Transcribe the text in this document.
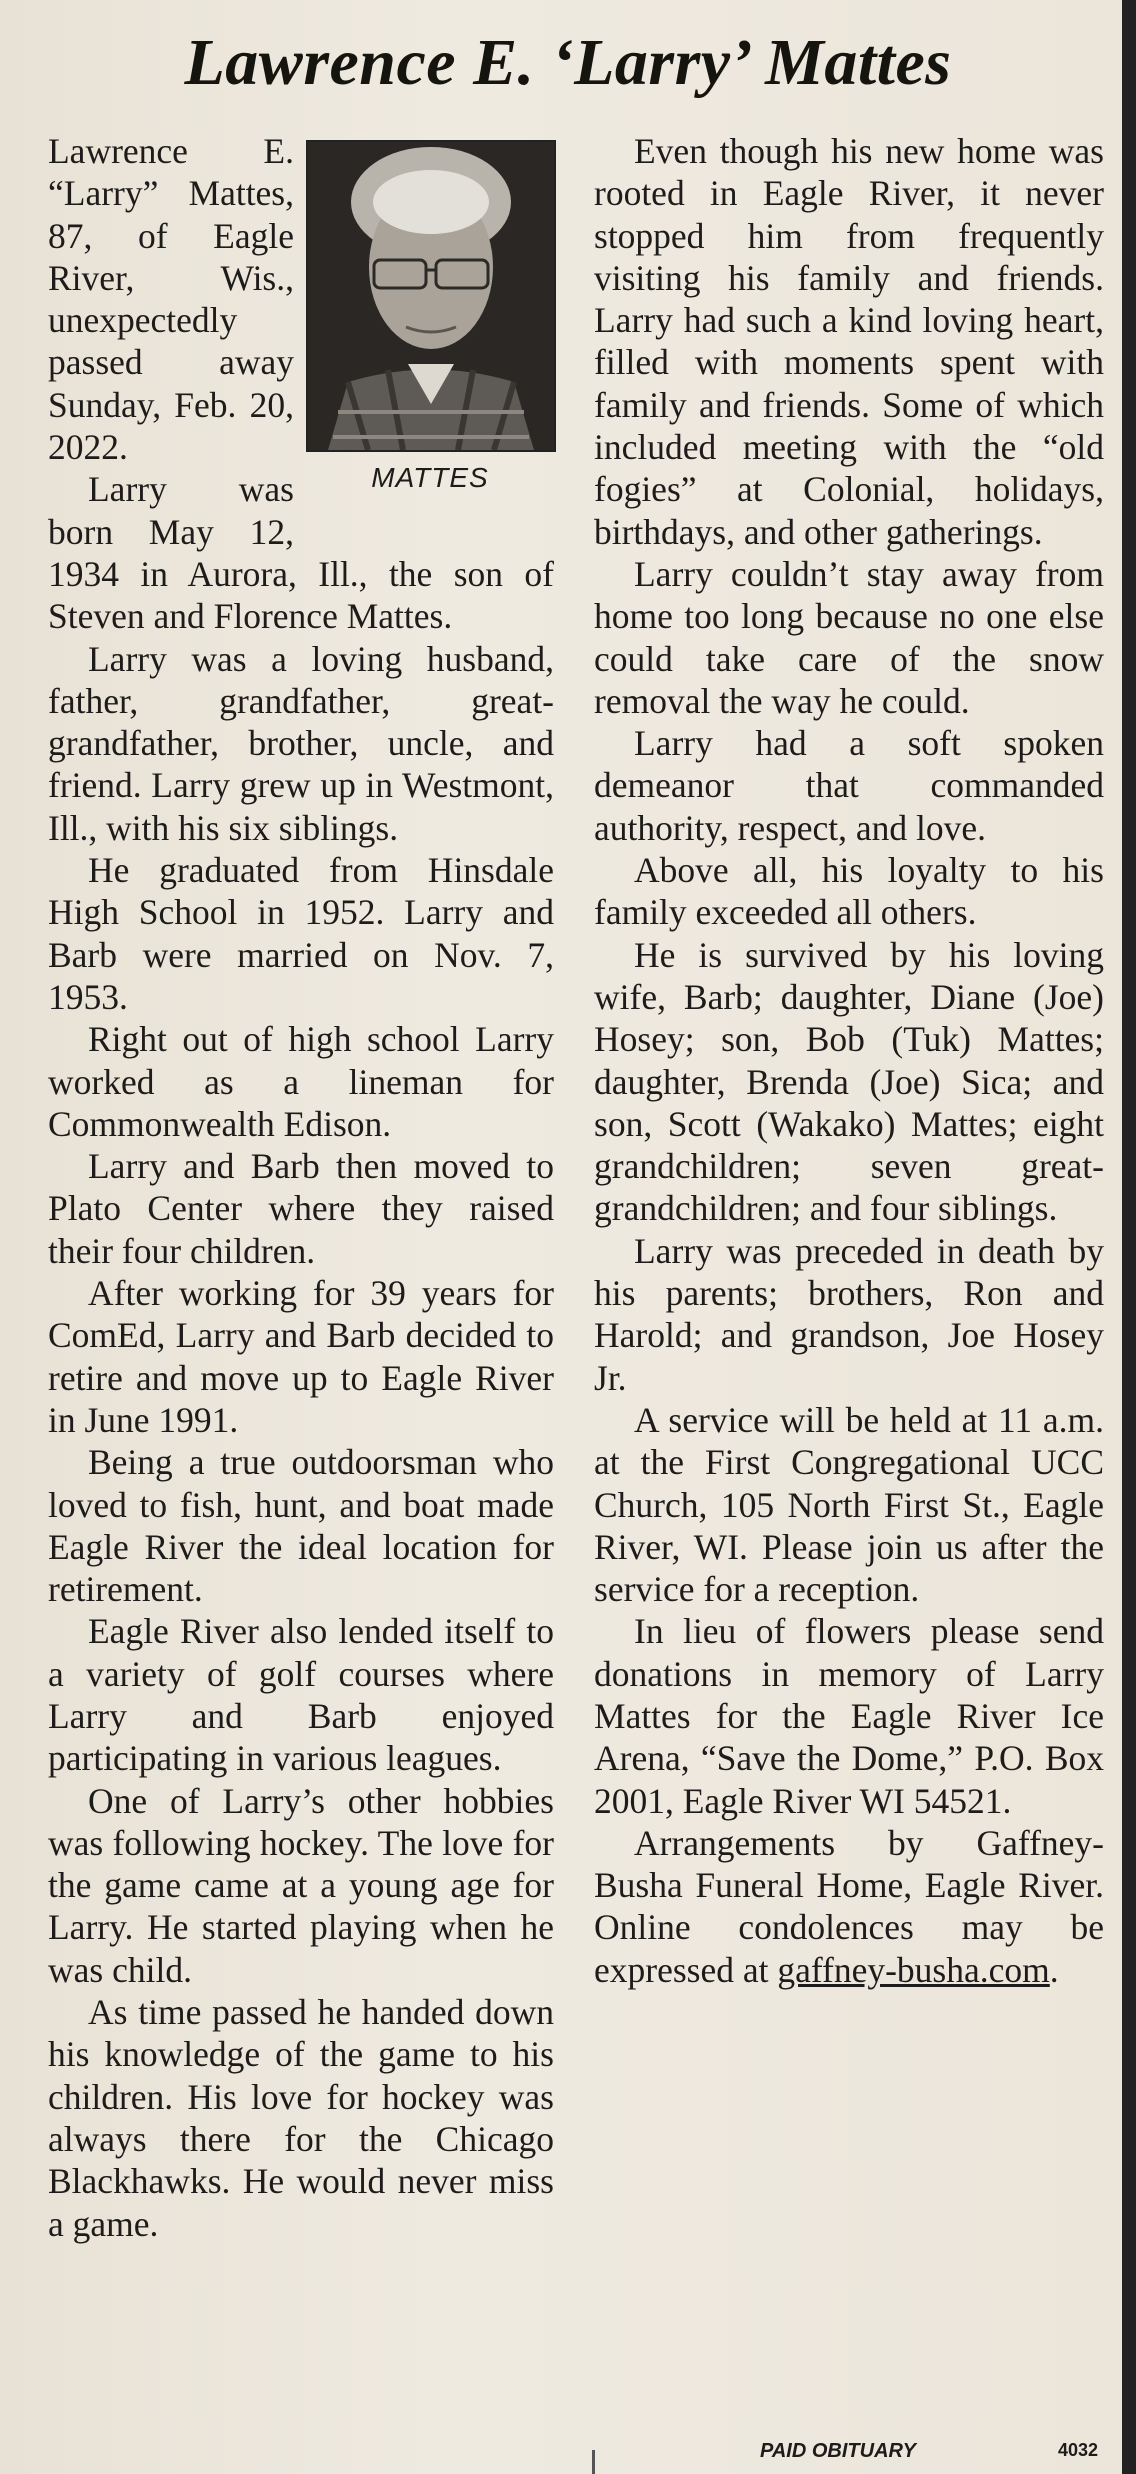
Lawrence E. ‘Larry’ Mattes
MATTES

Lawrence E. “Larry” Mattes, 87, of Eagle River, Wis., unexpectedly passed away Sunday, Feb. 20, 2022.

Larry was born May 12, 1934 in Aurora, Ill., the son of Steven and Florence Mattes.

Larry was a loving husband, father, grandfather, great-grandfather, brother, uncle, and friend. Larry grew up in Westmont, Ill., with his six siblings.

He graduated from Hinsdale High School in 1952. Larry and Barb were married on Nov. 7, 1953.

Right out of high school Larry worked as a lineman for Commonwealth Edison.

Larry and Barb then moved to Plato Center where they raised their four children.

After working for 39 years for ComEd, Larry and Barb decided to retire and move up to Eagle River in June 1991.

Being a true outdoorsman who loved to fish, hunt, and boat made Eagle River the ideal location for retirement.

Eagle River also lended itself to a variety of golf courses where Larry and Barb enjoyed participating in various leagues.

One of Larry’s other hobbies was following hockey. The love for the game came at a young age for Larry. He started playing when he was child.

As time passed he handed down his knowledge of the game to his children. His love for hockey was always there for the Chicago Blackhawks. He would never miss a game.

Even though his new home was rooted in Eagle River, it never stopped him from frequently visiting his family and friends. Larry had such a kind loving heart, filled with moments spent with family and friends. Some of which included meeting with the “old fogies” at Colonial, holidays, birthdays, and other gatherings.

Larry couldn’t stay away from home too long because no one else could take care of the snow removal the way he could.

Larry had a soft spoken demeanor that commanded authority, respect, and love.

Above all, his loyalty to his family exceeded all others.

He is survived by his loving wife, Barb; daughter, Diane (Joe) Hosey; son, Bob (Tuk) Mattes; daughter, Brenda (Joe) Sica; and son, Scott (Wakako) Mattes; eight grandchildren; seven great-grandchildren; and four siblings.

Larry was preceded in death by his parents; brothers, Ron and Harold; and grandson, Joe Hosey Jr.

A service will be held at 11 a.m. at the First Congregational UCC Church, 105 North First St., Eagle River, WI. Please join us after the service for a reception.

In lieu of flowers please send donations in memory of Larry Mattes for the Eagle River Ice Arena, “Save the Dome,” P.O. Box 2001, Eagle River WI 54521.

Arrangements by Gaffney-Busha Funeral Home, Eagle River. Online condolences may be expressed at gaffney-busha.com.

PAID OBITUARY	4032
